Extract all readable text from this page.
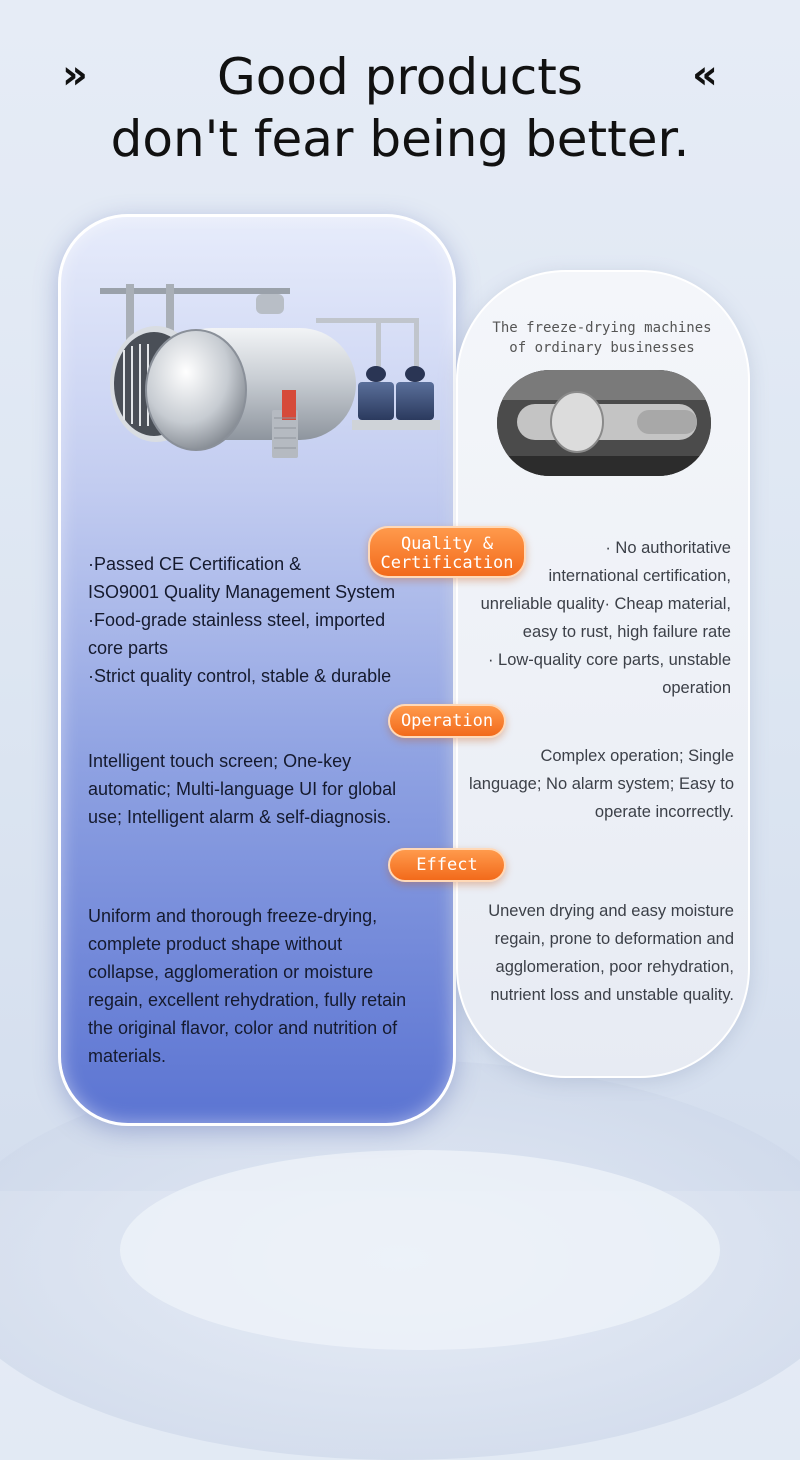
»	«
Good products
don't fear being better.
The freeze-drying machines
of ordinary businesses
Quality &
Certification
Operation
Effect
·Passed CE Certification &
ISO9001 Quality Management System
·Food-grade stainless steel, imported
core parts
·Strict quality control, stable & durable
Intelligent touch screen; One-key
automatic; Multi-language UI for global
use; Intelligent alarm & self-diagnosis.
Uniform and thorough freeze-drying,
complete product shape without
collapse, agglomeration or moisture
regain, excellent rehydration, fully retain
the original flavor, color and nutrition of
materials.
· No authoritative
international certification,
unreliable quality· Cheap material,
easy to rust, high failure rate
· Low-quality core parts, unstable
operation
Complex operation; Single
language; No alarm system; Easy to
operate incorrectly.
Uneven drying and easy moisture
regain, prone to deformation and
agglomeration, poor rehydration,
nutrient loss and unstable quality.
